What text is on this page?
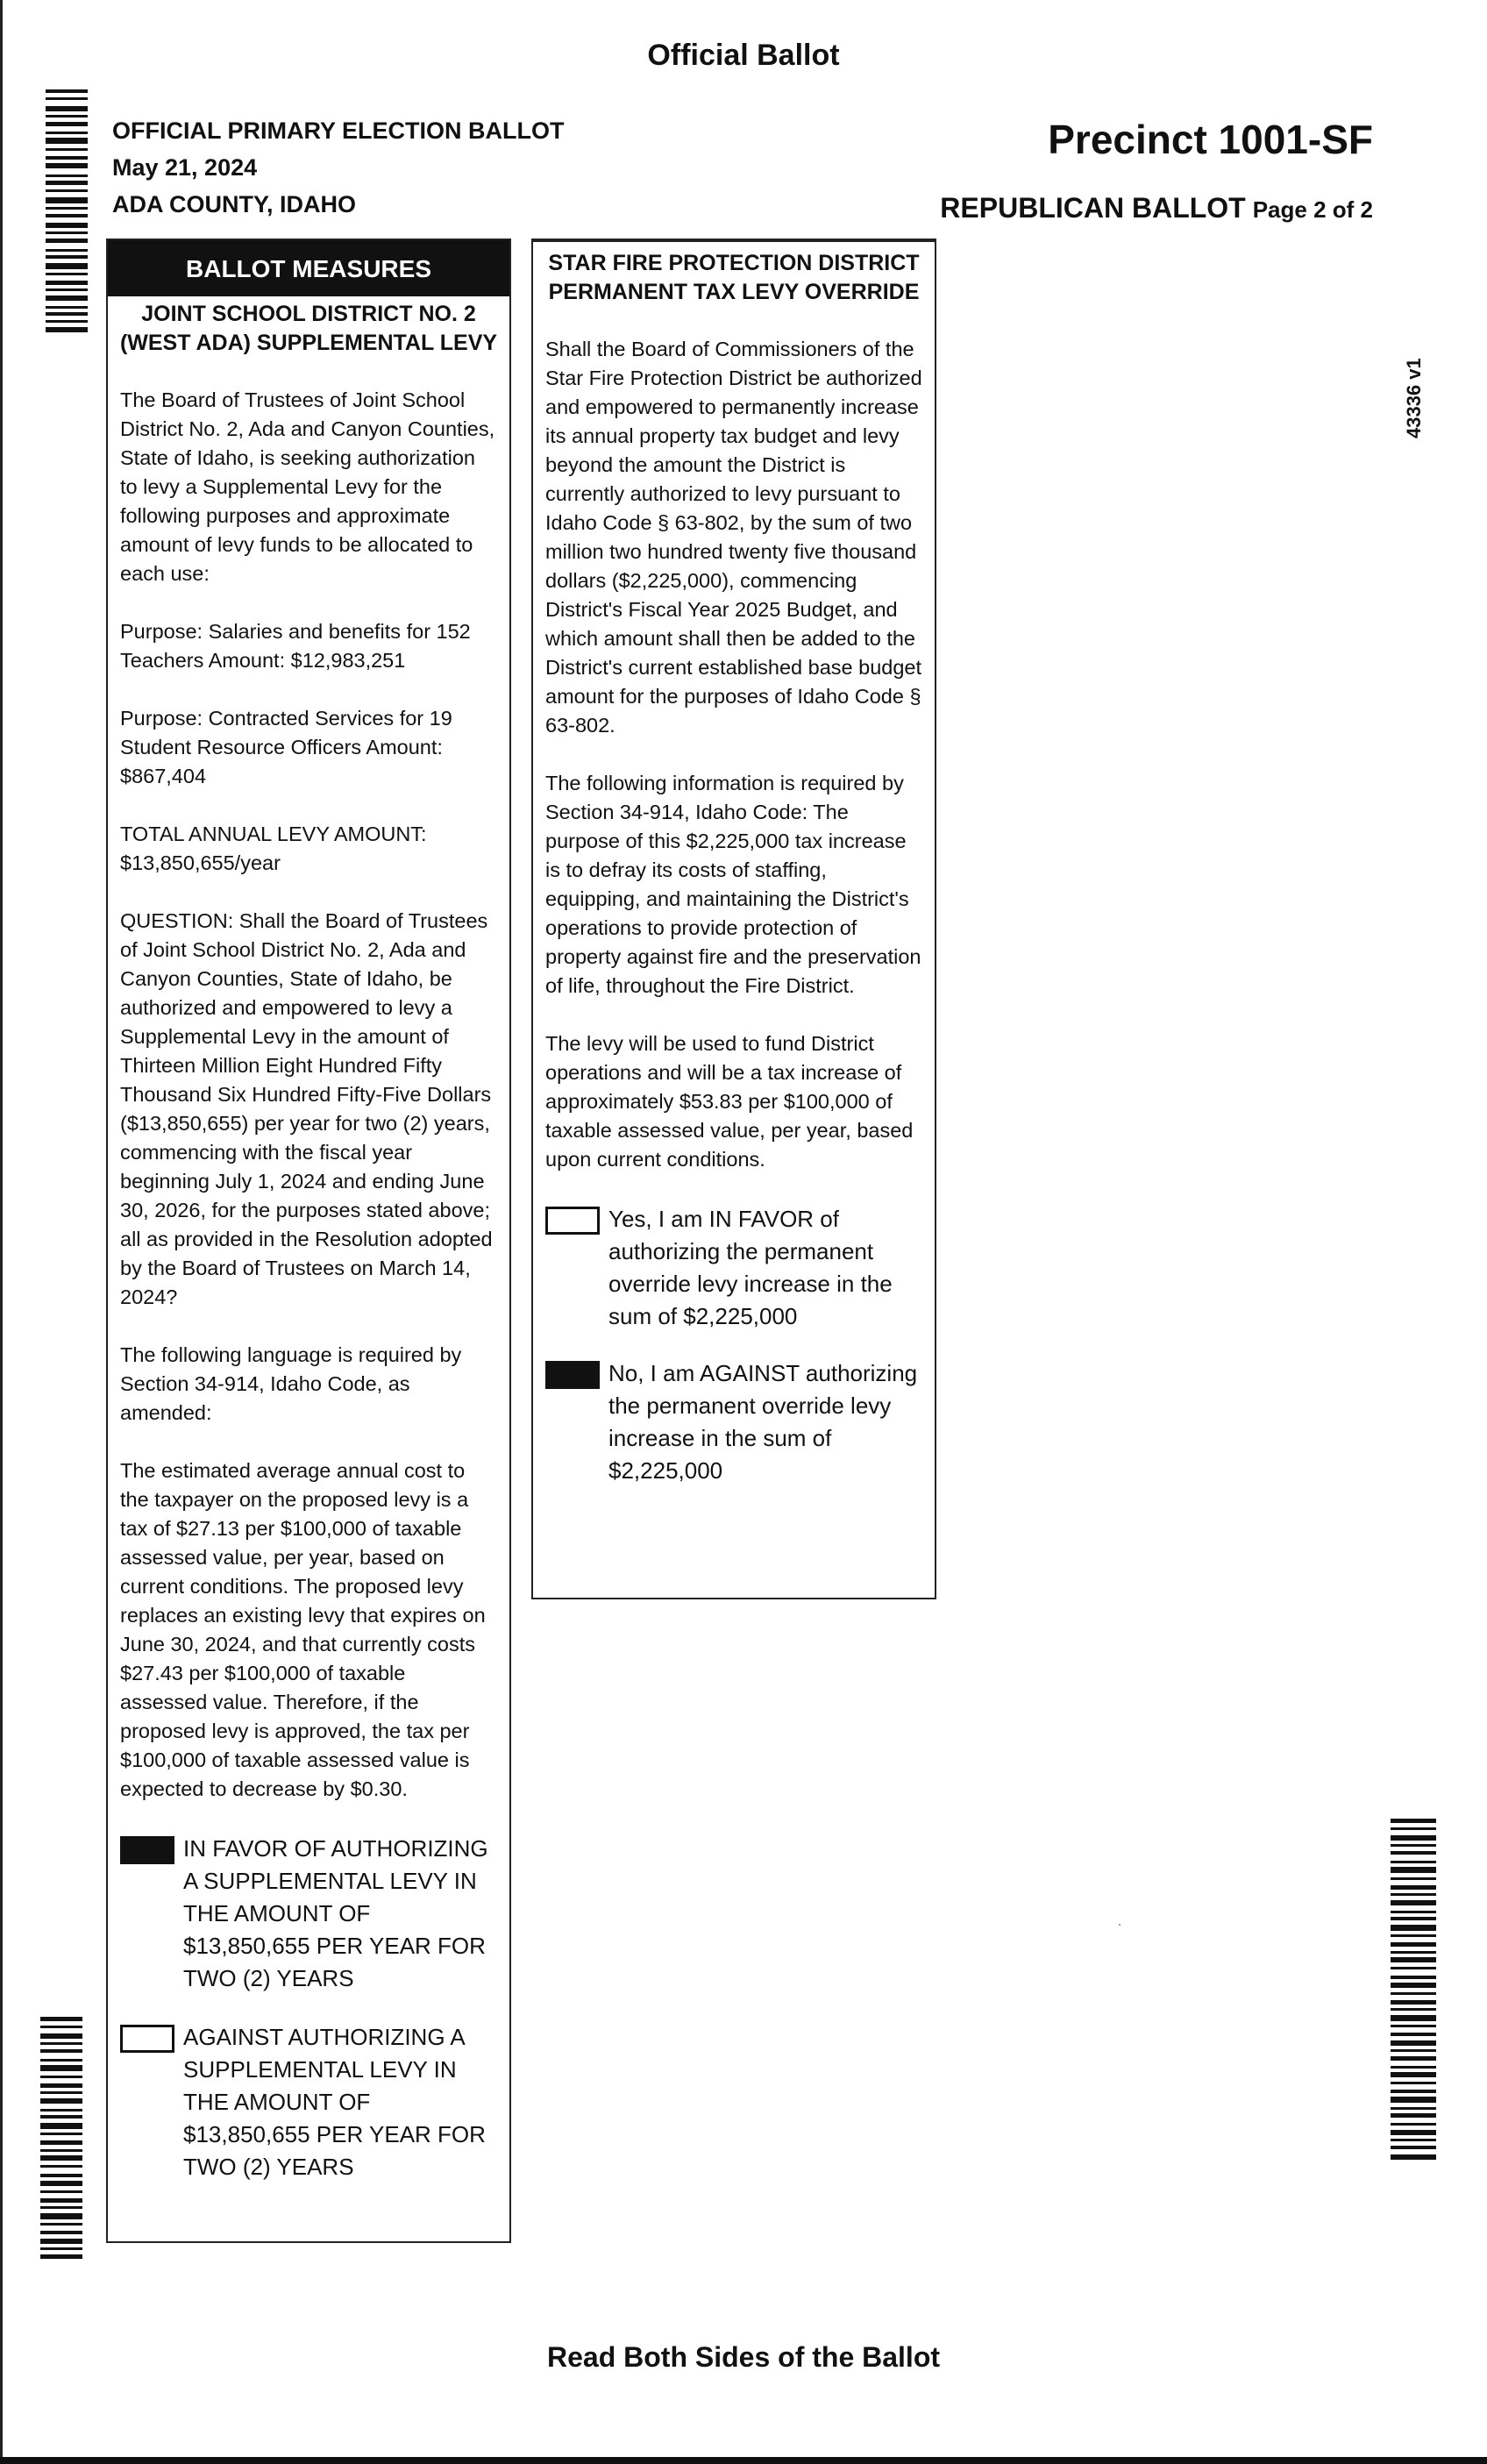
Official Ballot
OFFICIAL PRIMARY ELECTION BALLOT
May 21, 2024
ADA COUNTY, IDAHO
Precinct 1001-SF
REPUBLICAN BALLOT Page 2 of 2
43336 v1
BALLOT MEASURES
JOINT SCHOOL DISTRICT NO. 2
(WEST ADA) SUPPLEMENTAL LEVY

The Board of Trustees of Joint School District No. 2, Ada and Canyon Counties, State of Idaho, is seeking authorization to levy a Supplemental Levy for the following purposes and approximate amount of levy funds to be allocated to each use:

Purpose: Salaries and benefits for 152 Teachers Amount: $12,983,251

Purpose: Contracted Services for 19 Student Resource Officers Amount: $867,404

TOTAL ANNUAL LEVY AMOUNT: $13,850,655/year

QUESTION: Shall the Board of Trustees of Joint School District No. 2, Ada and Canyon Counties, State of Idaho, be authorized and empowered to levy a Supplemental Levy in the amount of Thirteen Million Eight Hundred Fifty Thousand Six Hundred Fifty-Five Dollars ($13,850,655) per year for two (2) years, commencing with the fiscal year beginning July 1, 2024 and ending June 30, 2026, for the purposes stated above; all as provided in the Resolution adopted by the Board of Trustees on March 14, 2024?

The following language is required by Section 34-914, Idaho Code, as amended:

The estimated average annual cost to the taxpayer on the proposed levy is a tax of $27.13 per $100,000 of taxable assessed value, per year, based on current conditions. The proposed levy replaces an existing levy that expires on June 30, 2024, and that currently costs $27.43 per $100,000 of taxable assessed value. Therefore, if the proposed levy is approved, the tax per $100,000 of taxable assessed value is expected to decrease by $0.30.

IN FAVOR OF AUTHORIZING A SUPPLEMENTAL LEVY IN THE AMOUNT OF $13,850,655 PER YEAR FOR TWO (2) YEARS
AGAINST AUTHORIZING A SUPPLEMENTAL LEVY IN THE AMOUNT OF $13,850,655 PER YEAR FOR TWO (2) YEARS
STAR FIRE PROTECTION DISTRICT
PERMANENT TAX LEVY OVERRIDE

Shall the Board of Commissioners of the Star Fire Protection District be authorized and empowered to permanently increase its annual property tax budget and levy beyond the amount the District is currently authorized to levy pursuant to Idaho Code § 63-802, by the sum of two million two hundred twenty five thousand dollars ($2,225,000), commencing District's Fiscal Year 2025 Budget, and which amount shall then be added to the District's current established base budget amount for the purposes of Idaho Code § 63-802.

The following information is required by Section 34-914, Idaho Code: The purpose of this $2,225,000 tax increase is to defray its costs of staffing, equipping, and maintaining the District's operations to provide protection of property against fire and the preservation of life, throughout the Fire District.

The levy will be used to fund District operations and will be a tax increase of approximately $53.83 per $100,000 of taxable assessed value, per year, based upon current conditions.

Yes, I am IN FAVOR of authorizing the permanent override levy increase in the sum of $2,225,000
No, I am AGAINST authorizing the permanent override levy increase in the sum of $2,225,000
Read Both Sides of the Ballot
